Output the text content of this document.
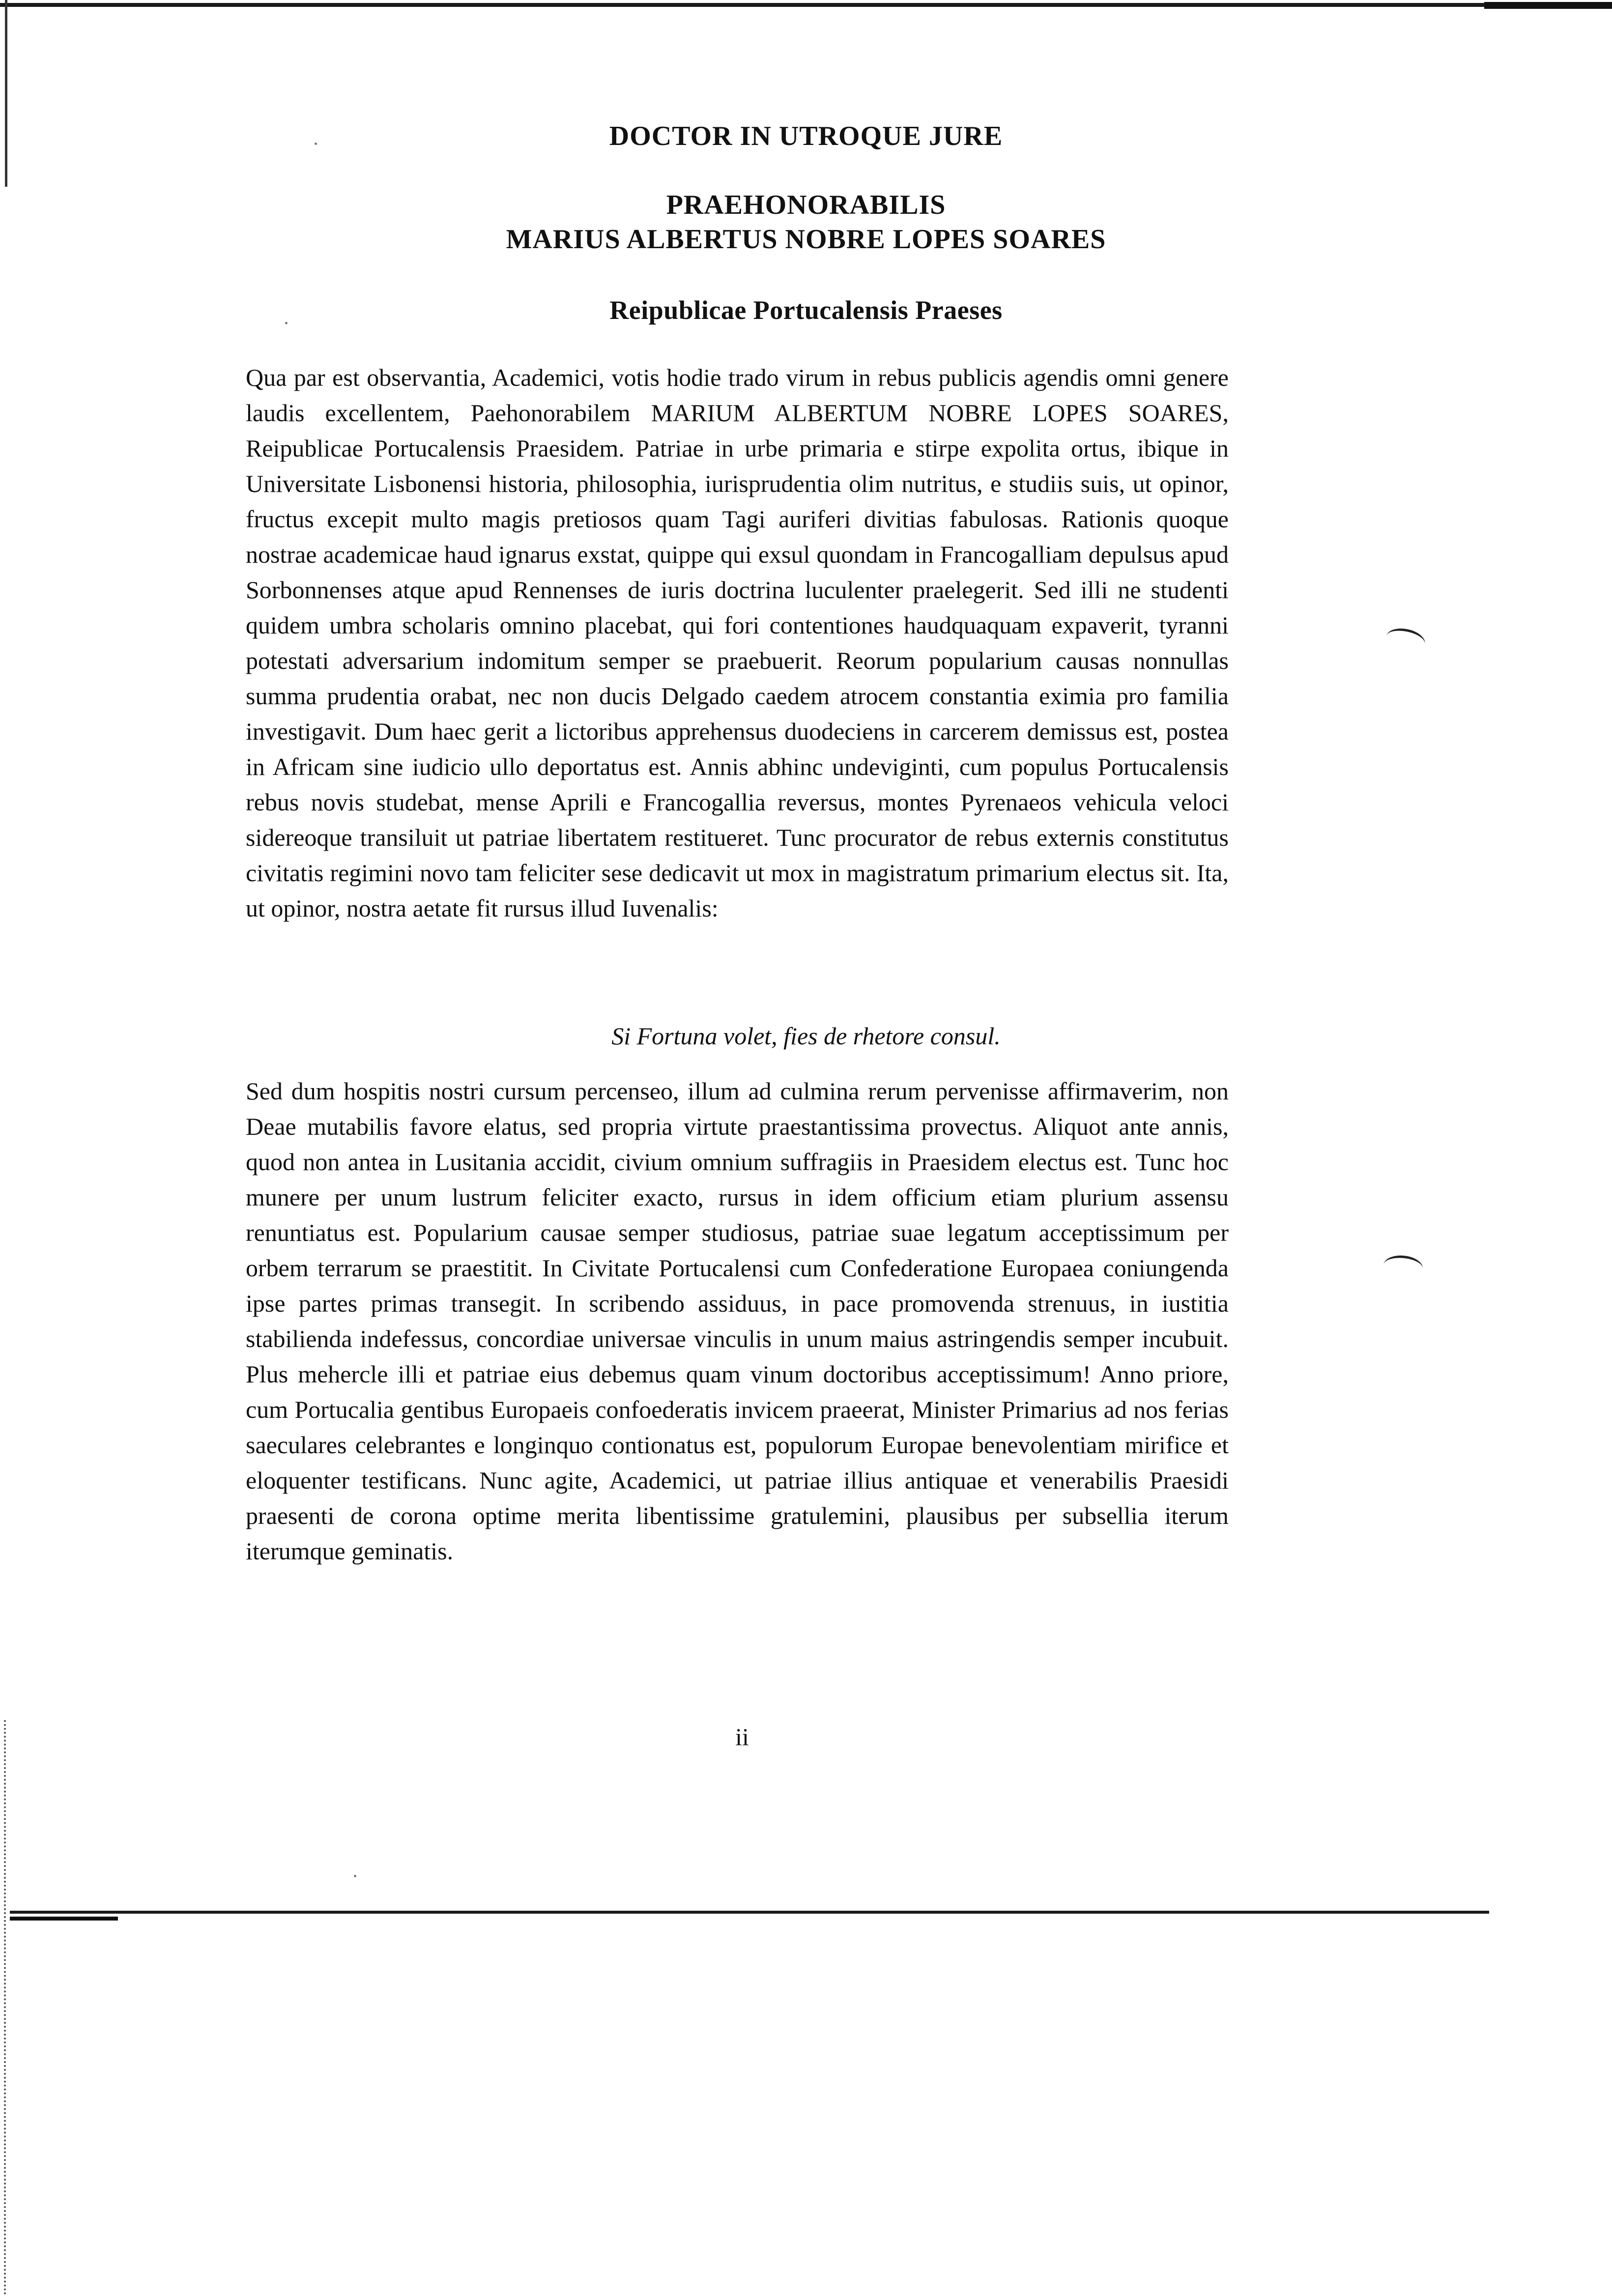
DOCTOR IN UTROQUE JURE
PRAEHONORABILIS
MARIUS ALBERTUS NOBRE LOPES SOARES
Reipublicae Portucalensis Praeses

Qua par est observantia, Academici, votis hodie trado virum in rebus publicis agendis omni genere laudis excellentem, Paehonorabilem MARIUM ALBERTUM NOBRE LOPES SOARES, Reipublicae Portucalensis Praesidem. Patriae in urbe primaria e stirpe expolita ortus, ibique in Universitate Lisbonensi historia, philosophia, iurisprudentia olim nutritus, e studiis suis, ut opinor, fructus excepit multo magis pretiosos quam Tagi auriferi divitias fabulosas. Rationis quoque nostrae academicae haud ignarus exstat, quippe qui exsul quondam in Francogalliam depulsus apud Sorbonnenses atque apud Rennenses de iuris doctrina luculenter praelegerit. Sed illi ne studenti quidem umbra scholaris omnino placebat, qui fori contentiones haudquaquam expaverit, tyranni potestati adversarium indomitum semper se praebuerit. Reorum popularium causas nonnullas summa prudentia orabat, nec non ducis Delgado caedem atrocem constantia eximia pro familia investigavit. Dum haec gerit a lictoribus apprehensus duodeciens in carcerem demissus est, postea in Africam sine iudicio ullo deportatus est. Annis abhinc undeviginti, cum populus Portucalensis rebus novis studebat, mense Aprili e Francogallia reversus, montes Pyrenaeos vehicula veloci sidereoque transiluit ut patriae libertatem restitueret. Tunc procurator de rebus externis constitutus civitatis regimini novo tam feliciter sese dedicavit ut mox in magistratum primarium electus sit. Ita, ut opinor, nostra aetate fit rursus illud Iuvenalis:

Si Fortuna volet, fies de rhetore consul.

Sed dum hospitis nostri cursum percenseo, illum ad culmina rerum pervenisse affirmaverim, non Deae mutabilis favore elatus, sed propria virtute praestantissima provectus. Aliquot ante annis, quod non antea in Lusitania accidit, civium omnium suffragiis in Praesidem electus est. Tunc hoc munere per unum lustrum feliciter exacto, rursus in idem officium etiam plurium assensu renuntiatus est. Popularium causae semper studiosus, patriae suae legatum acceptissimum per orbem terrarum se praestitit. In Civitate Portucalensi cum Confederatione Europaea coniungenda ipse partes primas transegit. In scribendo assiduus, in pace promovenda strenuus, in iustitia stabilienda indefessus, concordiae universae vinculis in unum maius astringendis semper incubuit. Plus mehercle illi et patriae eius debemus quam vinum doctoribus acceptissimum! Anno priore, cum Portucalia gentibus Europaeis confoederatis invicem praeerat, Minister Primarius ad nos ferias saeculares celebrantes e longinquo contionatus est, populorum Europae benevolentiam mirifice et eloquenter testificans. Nunc agite, Academici, ut patriae illius antiquae et venerabilis Praesidi praesenti de corona optime merita libentissime gratulemini, plausibus per subsellia iterum iterumque geminatis.

ii
